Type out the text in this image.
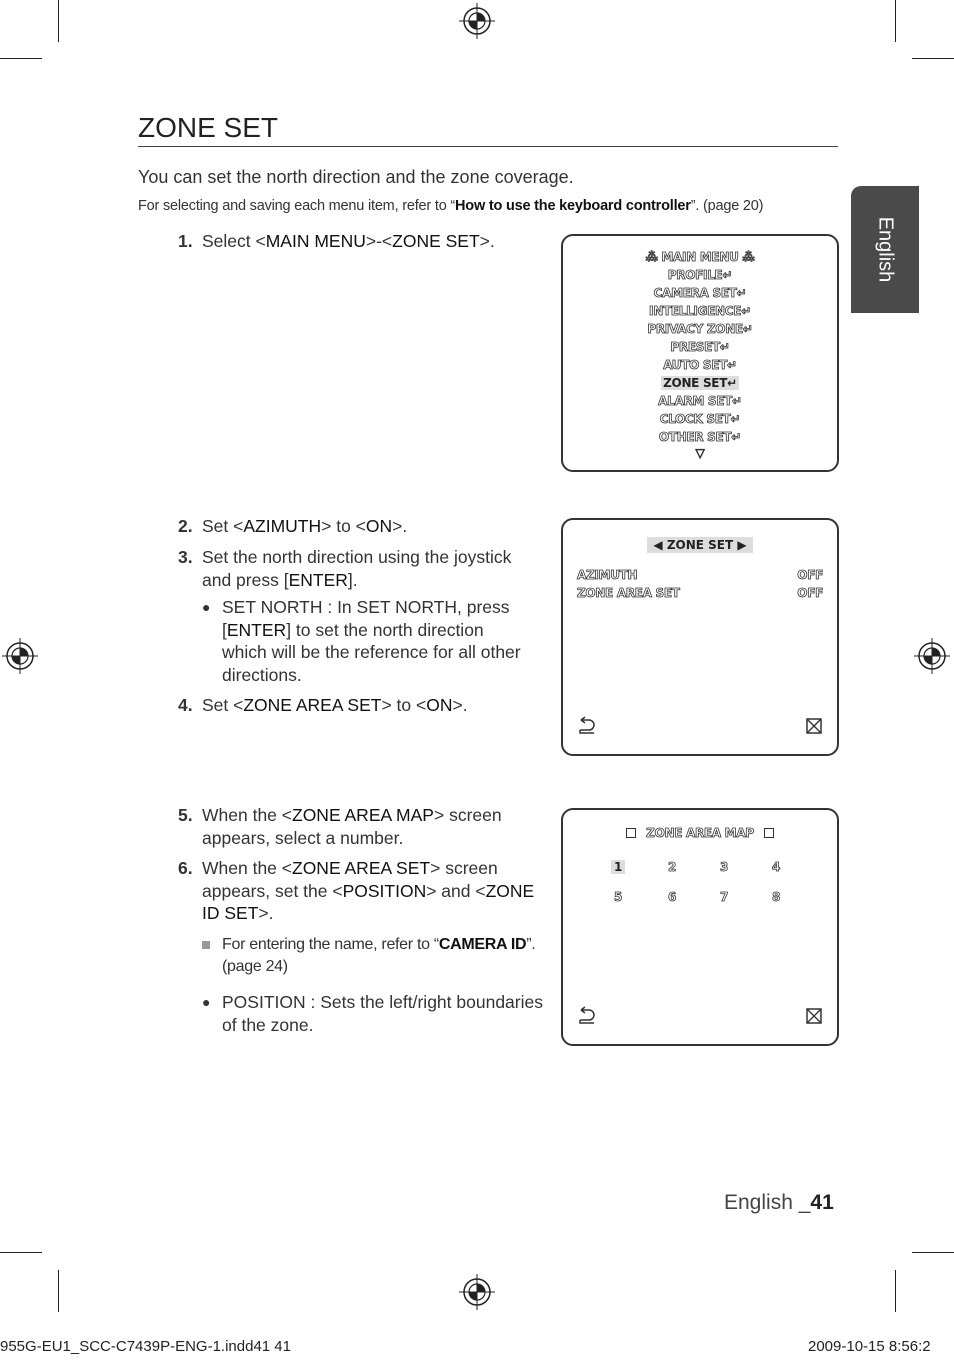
English
ZONE SET
You can set the north direction and the zone coverage.
For selecting and saving each menu item, refer to “How to use the keyboard controller”. (page 20)
1. Select <MAIN MENU>-<ZONE SET>.
⁂ MAIN MENU ⁂
PROFILE↵
CAMERA SET↵
INTELLIGENCE↵
PRIVACY ZONE↵
PRESET↵
AUTO SET↵
ZONE SET↵
ALARM SET↵
CLOCK SET↵
OTHER SET↵
▽
2. Set <AZIMUTH> to <ON>.
3. Set the north direction using the joystick and press [ENTER].
● SET NORTH : In SET NORTH, press [ENTER] to set the north direction which will be the reference for all other directions.
4. Set <ZONE AREA SET> to <ON>.
◀ ZONE SET ▶
AZIMUTH	OFF
ZONE AREA SET	OFF
5. When the <ZONE AREA MAP> screen appears, select a number.
6. When the <ZONE AREA SET> screen appears, set the <POSITION> and <ZONE ID SET>.
For entering the name, refer to “CAMERA ID”. (page 24)
● POSITION : Sets the left/right boundaries of the zone.
ZONE AREA MAP
1	2	3	4
5	6	7	8
English _41
955G-EU1_SCC-C7439P-ENG-1.indd41 41	2009-10-15 8:56:2
